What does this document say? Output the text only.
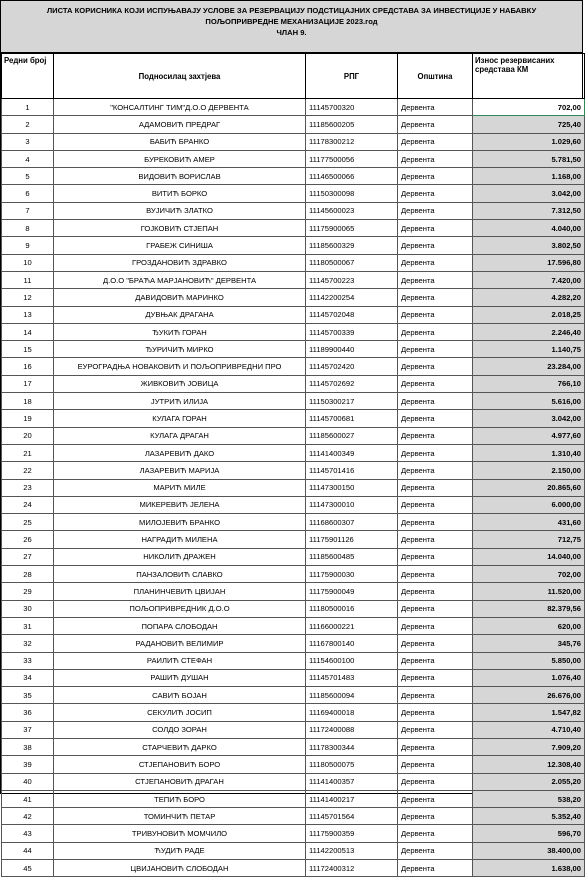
ЛИСТА КОРИСНИКА КОЈИ ИСПУЊАВАЈУ УСЛОВЕ ЗА РЕЗЕРВАЦИЈУ ПОДСТИЦАЈНИХ СРЕДСТАВА ЗА ИНВЕСТИЦИЈЕ У НАБАВКУ
ПОЉОПРИВРЕДНЕ МЕХАНИЗАЦИЈЕ 2023.год
ЧЛАН 9.
Редни број	Подносилац захтјева	РПГ	Општина	Износ резервисаних средстава КМ
1	"КОНСАЛТИНГ ТИМ"Д.О.О ДЕРВЕНТА	11145700320	Дервента	702,00
2	АДАМОВИЋ ПРЕДРАГ	11185600205	Дервента	725,40
3	БАБИЋ БРАНКО	11178300212	Дервента	1.029,60
4	БУРЕКОВИЋ АМЕР	11177500056	Дервента	5.781,50
5	ВИДОВИЋ ВОРИСЛАВ	11146500066	Дервента	1.168,00
6	ВИТИЋ БОРКО	11150300098	Дервента	3.042,00
7	ВУЈИЧИЋ ЗЛАТКО	11145600023	Дервента	7.312,50
8	ГОЈКОВИЋ СТЈЕПАН	11175900065	Дервента	4.040,00
9	ГРАБЕЖ СИНИША	11185600329	Дервента	3.802,50
10	ГРОЗДАНОВИЋ ЗДРАВКО	11180500067	Дервента	17.596,80
11	Д.О.О "БРАЋА МАРЈАНОВИЋ" ДЕРВЕНТА	11145700223	Дервента	7.420,00
12	ДАВИДОВИЋ МАРИНКО	11142200254	Дервента	4.282,20
13	ДУВЊАК ДРАГАНА	11145702048	Дервента	2.018,25
14	ЂУКИЋ ГОРАН	11145700339	Дервента	2.246,40
15	ЂУРИЧИЋ МИРКО	11189900440	Дервента	1.140,75
16	ЕУРОГРАДЊА НОВАКОВИЋ И ПОЉОПРИВРЕДНИ ПРО	11145702420	Дервента	23.284,00
17	ЖИВКОВИЋ ЈОВИЦА	11145702692	Дервента	766,10
18	ЈУТРИЋ ИЛИЈА	11150300217	Дервента	5.616,00
19	КУЛАГА ГОРАН	11145700681	Дервента	3.042,00
20	КУЛАГА ДРАГАН	11185600027	Дервента	4.977,60
21	ЛАЗАРЕВИЋ ДАКО	11141400349	Дервента	1.310,40
22	ЛАЗАРЕВИЋ МАРИЈА	11145701416	Дервента	2.150,00
23	МАРИЋ МИЛЕ	11147300150	Дервента	20.865,60
24	МИКЕРЕВИЋ ЈЕЛЕНА	11147300010	Дервента	6.000,00
25	МИЛОЈЕВИЋ БРАНКО	11168600307	Дервента	431,60
26	НАГРАДИЋ МИЛЕНА	11175901126	Дервента	712,75
27	НИКОЛИЋ ДРАЖЕН	11185600485	Дервента	14.040,00
28	ПАНЗАЛОВИЋ СЛАВКО	11175900030	Дервента	702,00
29	ПЛАНИНЧЕВИЋ ЦВИЈАН	11175900049	Дервента	11.520,00
30	ПОЉОПРИВРЕДНИК Д.О.О	11180500016	Дервента	82.379,56
31	ПОПАРА СЛОБОДАН	11166000221	Дервента	620,00
32	РАДАНОВИЋ ВЕЛИМИР	11167800140	Дервента	345,76
33	РАИЛИЋ СТЕФАН	11154600100	Дервента	5.850,00
34	РАШИЋ ДУШАН	11145701483	Дервента	1.076,40
35	САВИЋ БОЈАН	11185600094	Дервента	26.676,00
36	СЕКУЛИЋ ЈОСИП	11169400018	Дервента	1.547,82
37	СОЛДО ЗОРАН	11172400088	Дервента	4.710,40
38	СТАРЧЕВИЋ ДАРКО	11178300344	Дервента	7.909,20
39	СТЈЕПАНОВИЋ БОРО	11180500075	Дервента	12.308,40
40	СТЈЕПАНОВИЋ ДРАГАН	11141400357	Дервента	2.055,20
41	ТЕПИЋ БОРО	11141400217	Дервента	538,20
42	ТОМИНЧИЋ ПЕТАР	11145701564	Дервента	5.352,40
43	ТРИВУНОВИЋ МОМЧИЛО	11175900359	Дервента	596,70
44	ЋУДИЋ РАДЕ	11142200513	Дервента	38.400,00
45	ЦВИЈАНОВИЋ СЛОБОДАН	11172400312	Дервента	1.638,00
